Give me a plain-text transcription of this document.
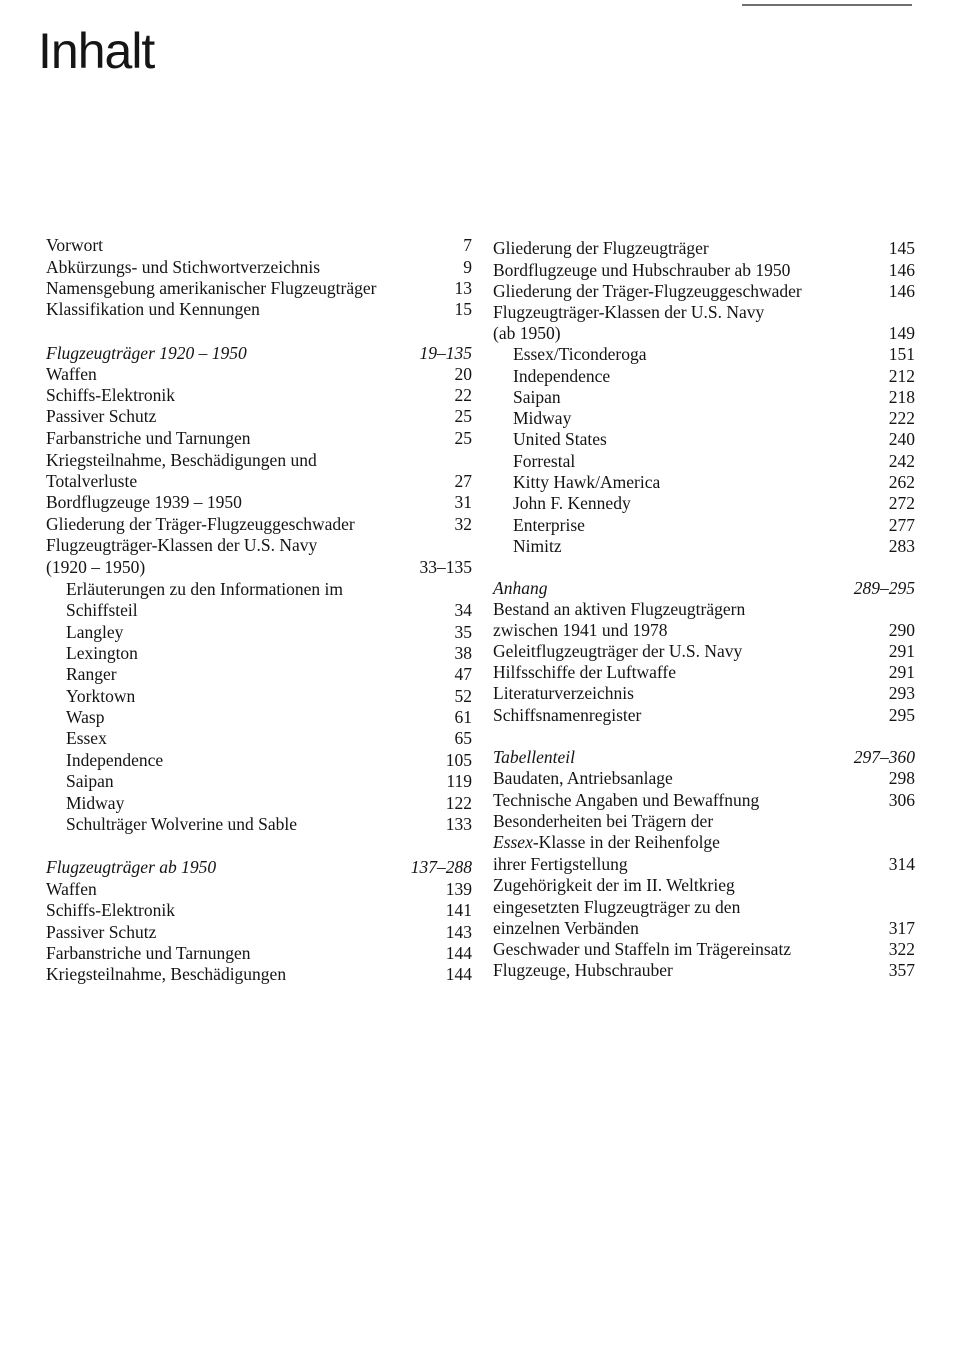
Inhalt
Vorwort	7
Abkürzungs- und Stichwortverzeichnis	9
Namensgebung amerikanischer Flugzeugträger	13
Klassifikation und Kennungen	15
Flugzeugträger 1920 – 1950	19–135
Waffen	20
Schiffs-Elektronik	22
Passiver Schutz	25
Farbanstriche und Tarnungen	25
Kriegsteilnahme, Beschädigungen und
Totalverluste	27
Bordflugzeuge 1939 – 1950	31
Gliederung der Träger-Flugzeuggeschwader	32
Flugzeugträger-Klassen der U.S. Navy
(1920 – 1950)	33–135
Erläuterungen zu den Informationen im
Schiffsteil	34
Langley	35
Lexington	38
Ranger	47
Yorktown	52
Wasp	61
Essex	65
Independence	105
Saipan	119
Midway	122
Schulträger Wolverine und Sable	133
Flugzeugträger ab 1950	137–288
Waffen	139
Schiffs-Elektronik	141
Passiver Schutz	143
Farbanstriche und Tarnungen	144
Kriegsteilnahme, Beschädigungen	144
Gliederung der Flugzeugträger	145
Bordflugzeuge und Hubschrauber ab 1950	146
Gliederung der Träger-Flugzeuggeschwader	146
Flugzeugträger-Klassen der U.S. Navy
(ab 1950)	149
Essex/Ticonderoga	151
Independence	212
Saipan	218
Midway	222
United States	240
Forrestal	242
Kitty Hawk/America	262
John F. Kennedy	272
Enterprise	277
Nimitz	283
Anhang	289–295
Bestand an aktiven Flugzeugträgern
zwischen 1941 und 1978	290
Geleitflugzeugträger der U.S. Navy	291
Hilfsschiffe der Luftwaffe	291
Literaturverzeichnis	293
Schiffsnamenregister	295
Tabellenteil	297–360
Baudaten, Antriebsanlage	298
Technische Angaben und Bewaffnung	306
Besonderheiten bei Trägern der
Essex-Klasse in der Reihenfolge
ihrer Fertigstellung	314
Zugehörigkeit der im II. Weltkrieg
eingesetzten Flugzeugträger zu den
einzelnen Verbänden	317
Geschwader und Staffeln im Trägereinsatz	322
Flugzeuge, Hubschrauber	357
